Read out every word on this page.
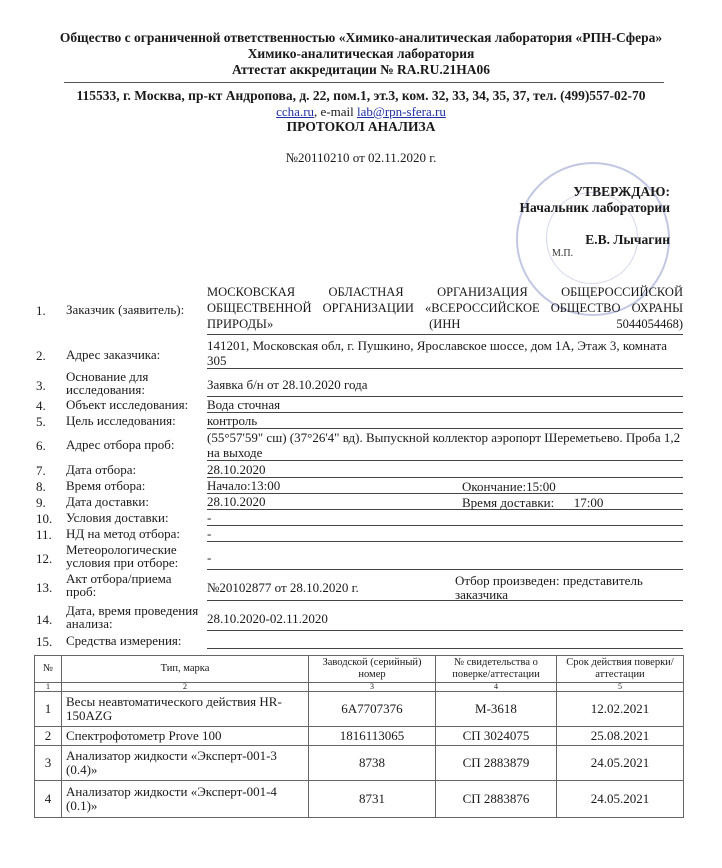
Общество с ограниченной ответственностью «Химико-аналитическая лаборатория «РПН-Сфера»
Химико-аналитическая лаборатория
Аттестат аккредитации № RA.RU.21НА06
115533, г. Москва, пр-кт Андропова, д. 22, пом.1, эт.3, ком. 32, 33, 34, 35, 37, тел. (499)557-02-70
ccha.ru, e-mail lab@rpn-sfera.ru
ПРОТОКОЛ АНАЛИЗА
№20110210 от 02.11.2020 г.
УТВЕРЖДАЮ:
Начальник лаборатории
Е.В. Лычагин
М.П.
1. Заказчик (заявитель):
МОСКОВСКАЯ ОБЛАСТНАЯ ОРГАНИЗАЦИЯ ОБЩЕРОССИЙСКОЙ ОБЩЕСТВЕННОЙ ОРГАНИЗАЦИИ «ВСЕРОССИЙСКОЕ ОБЩЕСТВО ОХРАНЫ ПРИРОДЫ» (ИНН 5044054468)
2. Адрес заказчика:
141201, Московская обл, г. Пушкино, Ярославское шоссе, дом 1А, Этаж 3, комната 305
3.
Основание для исследования:	Заявка б/н от 28.10.2020 года
4. Объект исследования:	Вода сточная
5. Цель исследования:	контроль
6. Адрес отбора проб:	(55°57'59" сш) (37°26'4" вд). Выпускной коллектор аэропорт Шереметьево. Проба 1,2 на выходе
7. Дата отбора:	28.10.2020
8. Время отбора:	Начало:13:00	Окончание:15:00
9. Дата доставки:	28.10.2020	Время доставки:      17:00
10. Условия доставки:	-
11. НД на метод отбора:	-
12.
Метеорологические условия при отборе:	-
13.
Акт отбора/приема проб:	№20102877 от 28.10.2020 г.	Отбор произведен: представитель заказчика
14.
Дата, время проведения анализа:	28.10.2020-02.11.2020
15. Средства измерения:
№	Тип, марка	Заводской (серийный) номер	№ свидетельства о поверке/аттестации	Срок действия поверки/аттестации
1	2	3	4	5
1	Весы неавтоматического действия HR-150AZG	6A7707376	М-3618	12.02.2021
2	Спектрофотометр Prove 100	1816113065	СП 3024075	25.08.2021
3	Анализатор жидкости «Эксперт-001-3 (0.4)»	8738	СП 2883879	24.05.2021
4	Анализатор жидкости «Эксперт-001-4 (0.1)»	8731	СП 2883876	24.05.2021
